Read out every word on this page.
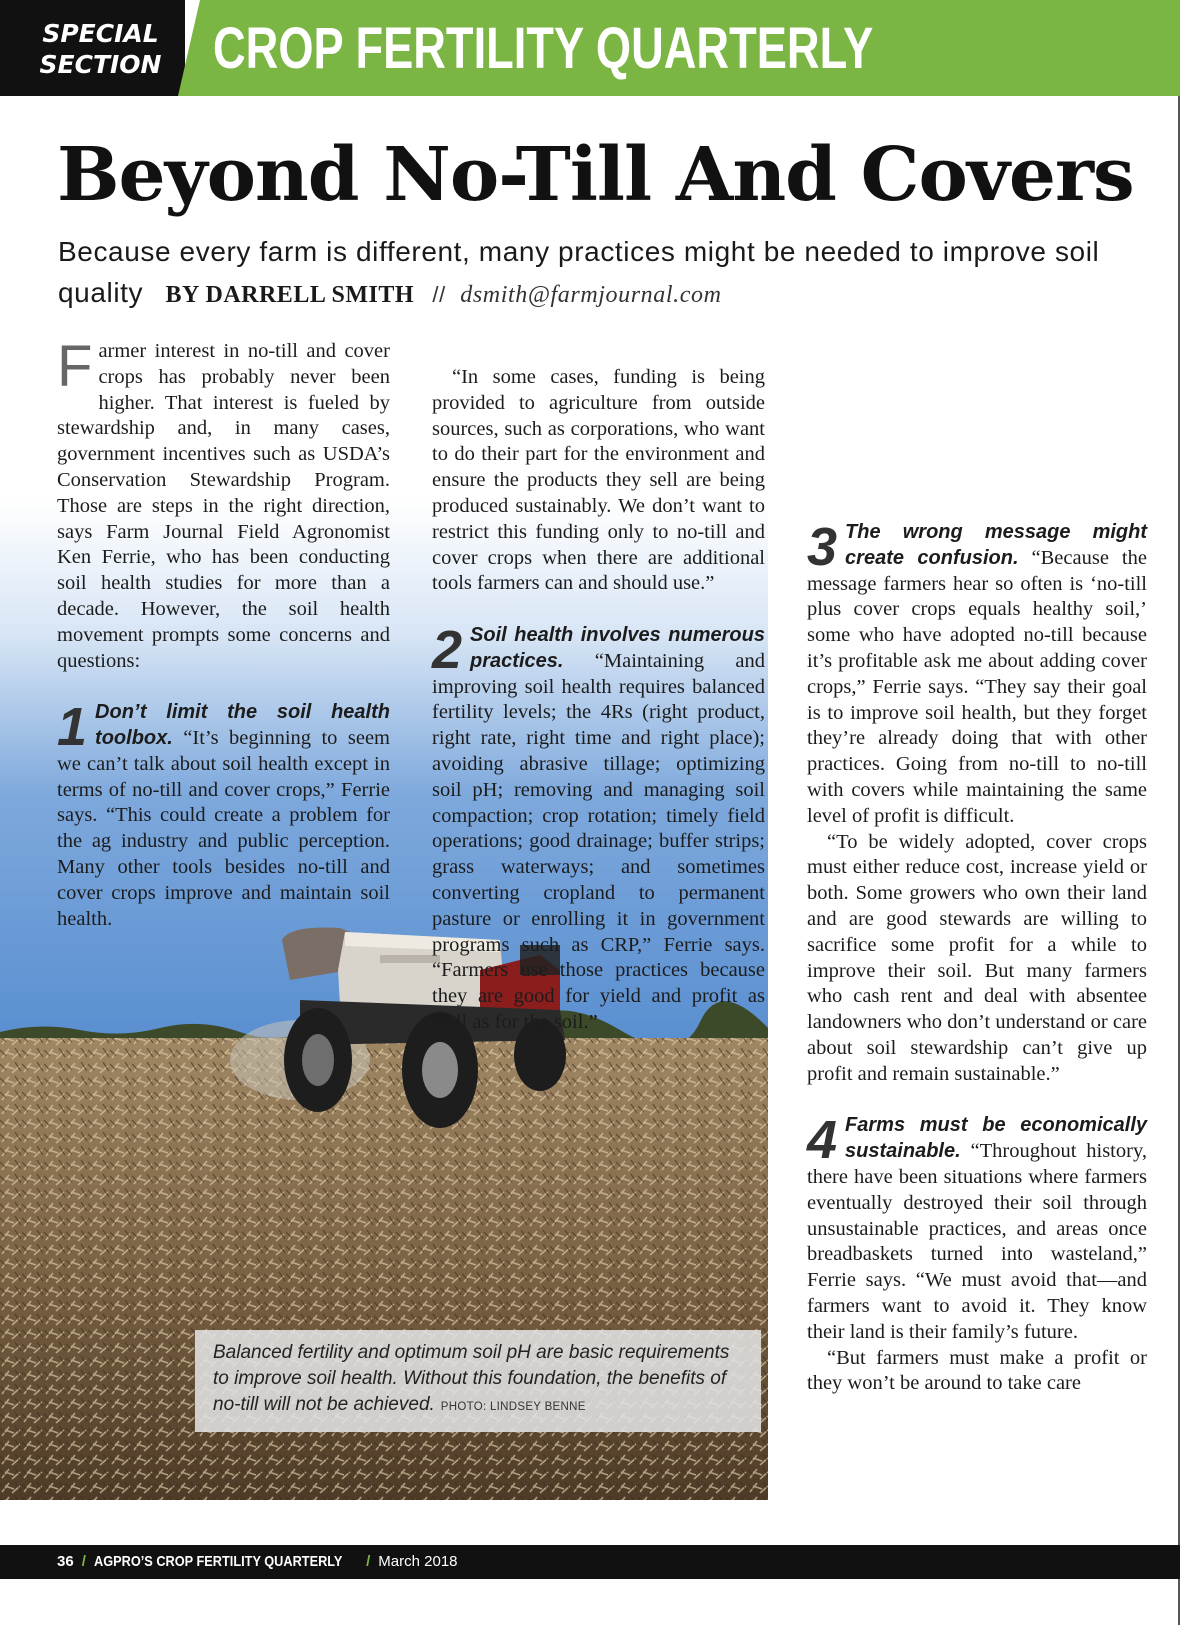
SPECIAL
SECTION CROP FERTILITY QUARTERLY
Beyond No-Till And Covers
Because every farm is different, many practices might be needed to improve soil quality BY DARRELL SMITH // dsmith@farmjournal.com

Farmer interest in no-till and cover crops has probably never been higher. That interest is fueled by stewardship and, in many cases, government incentives such as USDA’s Conservation Stewardship Program. Those are steps in the right direction, says Farm Journal Field Agronomist Ken Ferrie, who has been conducting soil health studies for more than a decade. However, the soil health movement prompts some concerns and questions:

1 Don’t limit the soil health toolbox. “It’s beginning to seem we can’t talk about soil health except in terms of no-till and cover crops,” Ferrie says. “This could create a problem for the ag industry and public perception. Many other tools besides no-till and cover crops improve and maintain soil health.

“In some cases, funding is being provided to agriculture from outside sources, such as corporations, who want to do their part for the environment and ensure the products they sell are being produced sustainably. We don’t want to restrict this funding only to no-till and cover crops when there are additional tools farmers can and should use.”

2 Soil health involves numerous practices. “Maintaining and improving soil health requires balanced fertility levels; the 4Rs (right product, right rate, right time and right place); avoiding abrasive tillage; optimizing soil pH; removing and managing soil compaction; crop rotation; timely field operations; good drainage; buffer strips; grass waterways; and sometimes converting cropland to permanent pasture or enrolling it in government programs such as CRP,” Ferrie says. “Farmers use those practices because they are good for yield and profit as well as for the soil.”

3 The wrong message might create confusion. “Because the message farmers hear so often is ‘no-till plus cover crops equals healthy soil,’ some who have adopted no-till because it’s profitable ask me about adding cover crops,” Ferrie says. “They say their goal is to improve soil health, but they forget they’re already doing that with other practices. Going from no-till to no-till with covers while maintaining the same level of profit is difficult.

“To be widely adopted, cover crops must either reduce cost, increase yield or both. Some growers who own their land and are good stewards are willing to sacrifice some profit for a while to improve their soil. But many farmers who cash rent and deal with absentee landowners who don’t understand or care about soil stewardship can’t give up profit and remain sustainable.”

4 Farms must be economically sustainable. “Throughout history, there have been situations where farmers eventually destroyed their soil through unsustainable practices, and areas once breadbaskets turned into wasteland,” Ferrie says. “We must avoid that—and farmers want to avoid it. They know their land is their family’s future.

“But farmers must make a profit or they won’t be around to take care

Balanced fertility and optimum soil pH are basic requirements to improve soil health. Without this foundation, the benefits of no-till will not be achieved. PHOTO: LINDSEY BENNE
36 / AGPRO’S CROP FERTILITY QUARTERLY / March 2018
